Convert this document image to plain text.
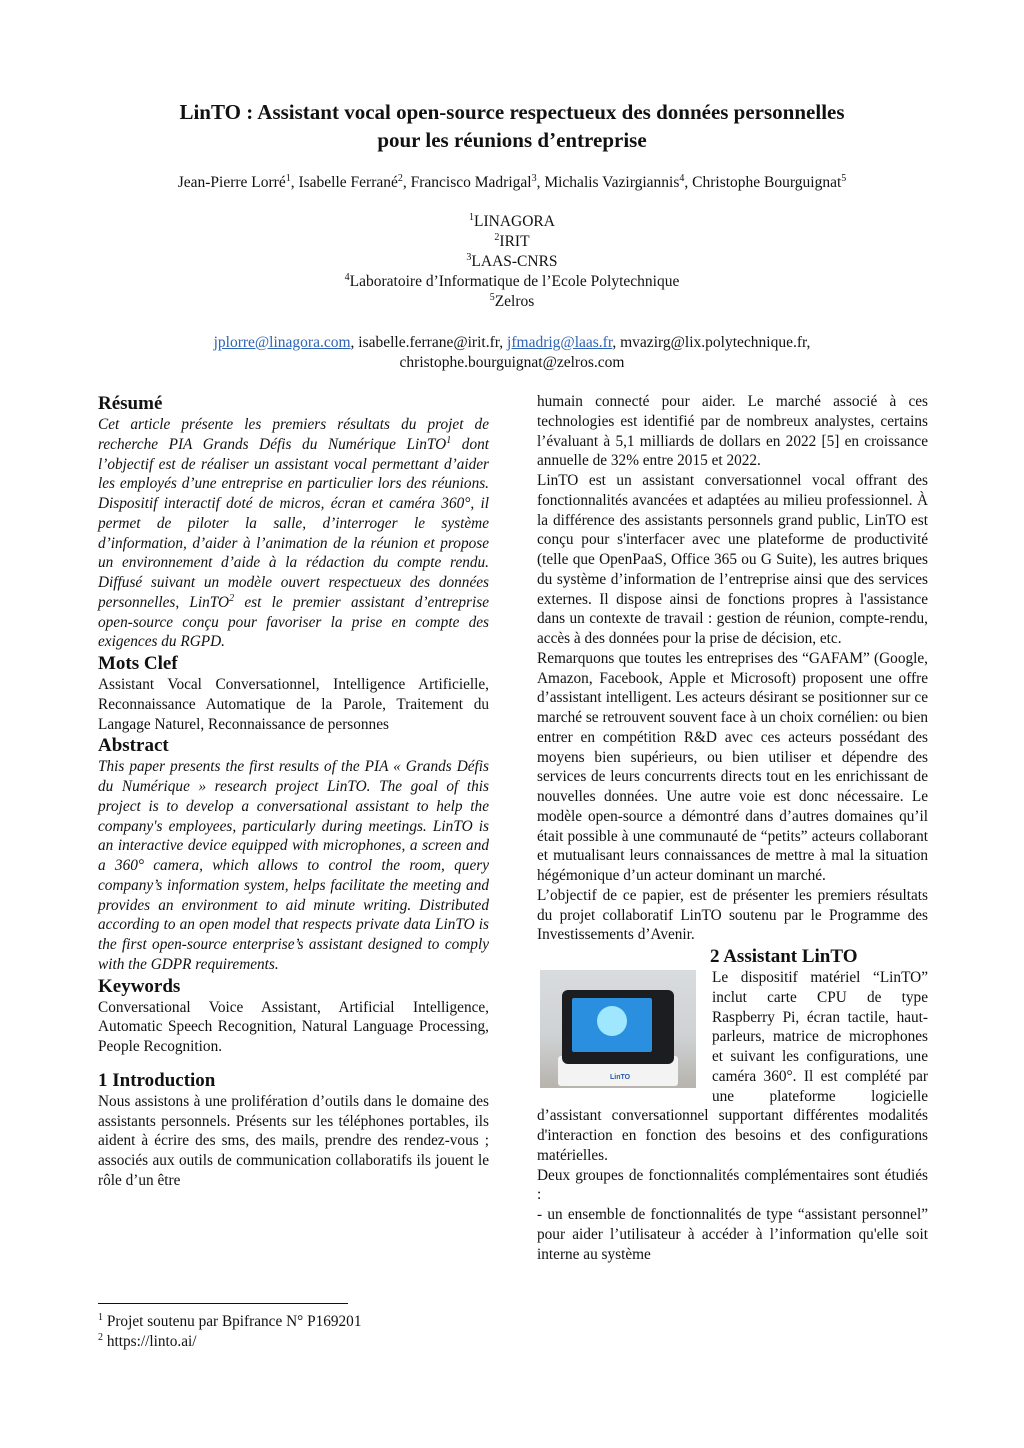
LinTO : Assistant vocal open-source respectueux des données personnelles
pour les réunions d’entreprise
Jean-Pierre Lorré$^1$, Isabelle Ferrané$^2$, Francisco Madrigal$^3$, Michalis Vazirgiannis$^4$, Christophe Bourguignat$^5$
$^1$LINAGORA
$^2$IRIT
$^3$LAAS-CNRS
$^4$Laboratoire d’Informatique de l’Ecole Polytechnique
$^5$Zelros
jplorre@linagora.com, isabelle.ferrane@irit.fr, jfmadrig@laas.fr, mvazirg@lix.polytechnique.fr,
christophe.bourguignat@zelros.com
Résumé

Cet article présente les premiers résultats du projet de recherche PIA Grands Défis du Numérique LinTO$^1$ dont l’objectif est de réaliser un assistant vocal permettant d’aider les employés d’une entreprise en particulier lors des réunions. Dispositif interactif doté de micros, écran et caméra 360°, il permet de piloter la salle, d’interroger le système d’information, d’aider à l’animation de la réunion et propose un environnement d’aide à la rédaction du compte rendu. Diffusé suivant un modèle ouvert respectueux des données personnelles, LinTO$^2$ est le premier assistant d’entreprise open-source conçu pour favoriser la prise en compte des exigences du RGPD.

Mots Clef

Assistant Vocal Conversationnel, Intelligence Artificielle, Reconnaissance Automatique de la Parole, Traitement du Langage Naturel, Reconnaissance de personnes

Abstract

This paper presents the first results of the PIA « Grands Défis du Numérique » research project LinTO. The goal of this project is to develop a conversational assistant to help the company's employees, particularly during meetings. LinTO is an interactive device equipped with microphones, a screen and a 360° camera, which allows to control the room, query company’s information system, helps facilitate the meeting and provides an environment to aid minute writing. Distributed according to an open model that respects private data LinTO is the first open-source enterprise’s assistant designed to comply with the GDPR requirements.

Keywords

Conversational Voice Assistant, Artificial Intelligence, Automatic Speech Recognition, Natural Language Processing, People Recognition.

1 Introduction

Nous assistons à une prolifération d’outils dans le domaine des assistants personnels. Présents sur les téléphones portables, ils aident à écrire des sms, des mails, prendre des rendez-vous ; associés aux outils de communication collaboratifs ils jouent le rôle d’un être

$^1$ Projet soutenu par Bpifrance N° P169201
$^2$ https://linto.ai/

humain connecté pour aider. Le marché associé à ces technologies est identifié par de nombreux analystes, certains l’évaluant à 5,1 milliards de dollars en 2022 [5] en croissance annuelle de 32% entre 2015 et 2022.

LinTO est un assistant conversationnel vocal offrant des fonctionnalités avancées et adaptées au milieu professionnel. À la différence des assistants personnels grand public, LinTO est conçu pour s'interfacer avec une plateforme de productivité (telle que OpenPaaS, Office 365 ou G Suite), les autres briques du système d’information de l’entreprise ainsi que des services externes. Il dispose ainsi de fonctions propres à l'assistance dans un contexte de travail : gestion de réunion, compte-rendu, accès à des données pour la prise de décision, etc.

Remarquons que toutes les entreprises des “GAFAM” (Google, Amazon, Facebook, Apple et Microsoft) proposent une offre d’assistant intelligent. Les acteurs désirant se positionner sur ce marché se retrouvent souvent face à un choix cornélien: ou bien entrer en compétition R&D avec ces acteurs possédant des moyens bien supérieurs, ou bien utiliser et dépendre des services de leurs concurrents directs tout en les enrichissant de nouvelles données. Une autre voie est donc nécessaire. Le modèle open-source a démontré dans d’autres domaines qu’il était possible à une communauté de “petits” acteurs collaborant et mutualisant leurs connaissances de mettre à mal la situation hégémonique d’un acteur dominant un marché.

L’objectif de ce papier, est de présenter les premiers résultats du projet collaboratif LinTO soutenu par le Programme des Investissements d’Avenir.

2 Assistant LinTO
LinTO

Le dispositif matériel “LinTO” inclut carte CPU de type Raspberry Pi, écran tactile, haut-parleurs, matrice de microphones et suivant les configurations, une caméra 360°. Il est complété par une plateforme logicielle d’assistant conversationnel supportant différentes modalités d'interaction en fonction des besoins et des configurations matérielles.

Deux groupes de fonctionnalités complémentaires sont étudiés :

- un ensemble de fonctionnalités de type “assistant personnel” pour aider l’utilisateur à accéder à l’information qu'elle soit interne au système
